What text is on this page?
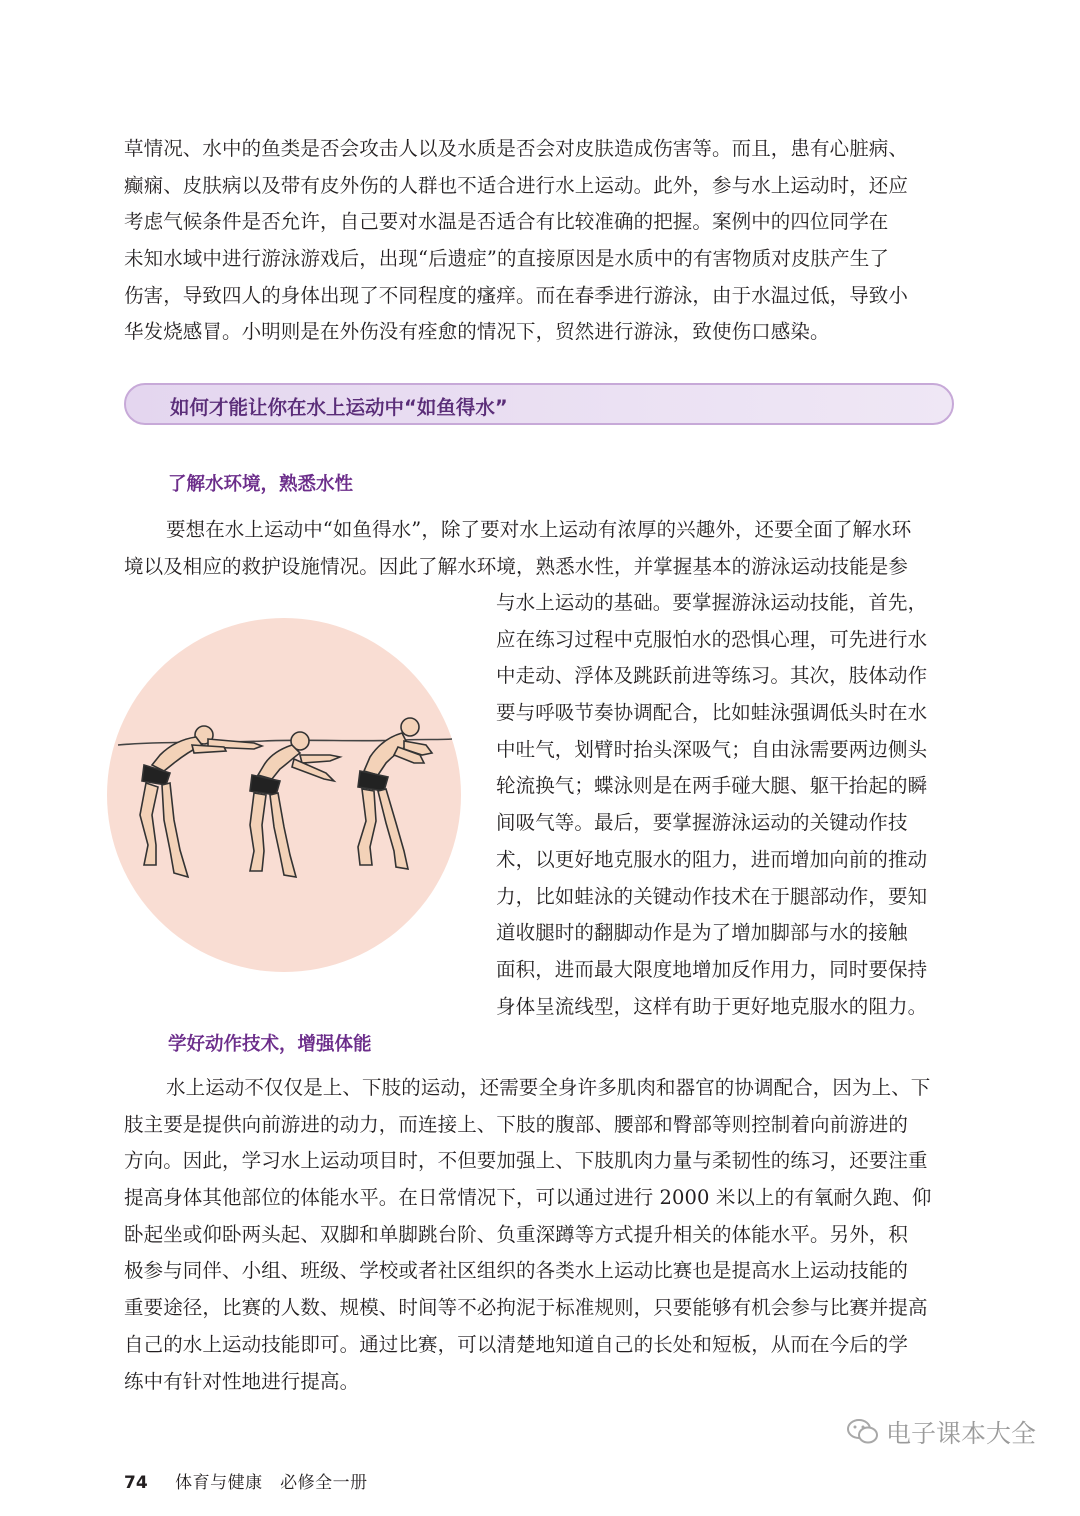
草情况、水中的鱼类是否会攻击人以及水质是否会对皮肤造成伤害等。而且，患有心脏病、
癫痫、皮肤病以及带有皮外伤的人群也不适合进行水上运动。此外，参与水上运动时，还应
考虑气候条件是否允许，自己要对水温是否适合有比较准确的把握。案例中的四位同学在
未知水域中进行游泳游戏后，出现“后遗症”的直接原因是水质中的有害物质对皮肤产生了
伤害，导致四人的身体出现了不同程度的瘙痒。而在春季进行游泳，由于水温过低，导致小
华发烧感冒。小明则是在外伤没有痊愈的情况下，贸然进行游泳，致使伤口感染。
如何才能让你在水上运动中“如鱼得水”
了解水环境，熟悉水性
要想在水上运动中“如鱼得水”，除了要对水上运动有浓厚的兴趣外，还要全面了解水环
境以及相应的救护设施情况。因此了解水环境，熟悉水性，并掌握基本的游泳运动技能是参
与水上运动的基础。要掌握游泳运动技能，首先，
应在练习过程中克服怕水的恐惧心理，可先进行水
中走动、浮体及跳跃前进等练习。其次，肢体动作
要与呼吸节奏协调配合，比如蛙泳强调低头时在水
中吐气，划臂时抬头深吸气；自由泳需要两边侧头
轮流换气；蝶泳则是在两手碰大腿、躯干抬起的瞬
间吸气等。最后，要掌握游泳运动的关键动作技
术，以更好地克服水的阻力，进而增加向前的推动
力，比如蛙泳的关键动作技术在于腿部动作，要知
道收腿时的翻脚动作是为了增加脚部与水的接触
面积，进而最大限度地增加反作用力，同时要保持
身体呈流线型，这样有助于更好地克服水的阻力。
学好动作技术，增强体能
水上运动不仅仅是上、下肢的运动，还需要全身许多肌肉和器官的协调配合，因为上、下
肢主要是提供向前游进的动力，而连接上、下肢的腹部、腰部和臀部等则控制着向前游进的
方向。因此，学习水上运动项目时，不但要加强上、下肢肌肉力量与柔韧性的练习，还要注重
提高身体其他部位的体能水平。在日常情况下，可以通过进行 2000 米以上的有氧耐久跑、仰
卧起坐或仰卧两头起、双脚和单脚跳台阶、负重深蹲等方式提升相关的体能水平。另外，积
极参与同伴、小组、班级、学校或者社区组织的各类水上运动比赛也是提高水上运动技能的
重要途径，比赛的人数、规模、时间等不必拘泥于标准规则，只要能够有机会参与比赛并提高
自己的水上运动技能即可。通过比赛，可以清楚地知道自己的长处和短板，从而在今后的学
练中有针对性地进行提高。
74 体育与健康　必修全一册
电子课本大全
